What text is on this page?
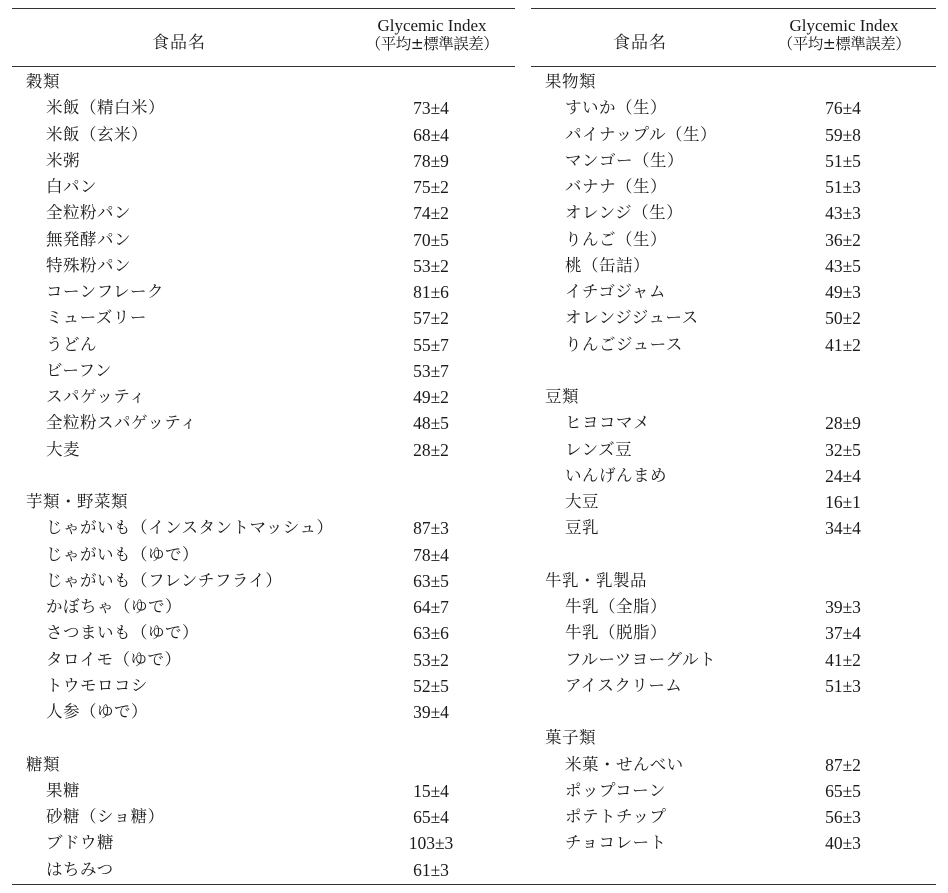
食品名
Glycemic Index
（平均±標準誤差）
穀類
米飯（精白米）	73±4
米飯（玄米）	68±4
米粥	78±9
白パン	75±2
全粒粉パン	74±2
無発酵パン	70±5
特殊粉パン	53±2
コーンフレーク	81±6
ミューズリー	57±2
うどん	55±7
ビーフン	53±7
スパゲッティ	49±2
全粒粉スパゲッティ	48±5
大麦	28±2
芋類・野菜類
じゃがいも（インスタントマッシュ）	87±3
じゃがいも（ゆで）	78±4
じゃがいも（フレンチフライ）	63±5
かぼちゃ（ゆで）	64±7
さつまいも（ゆで）	63±6
タロイモ（ゆで）	53±2
トウモロコシ	52±5
人参（ゆで）	39±4
糖類
果糖	15±4
砂糖（ショ糖）	65±4
ブドウ糖	103±3
はちみつ	61±3
食品名
Glycemic Index
（平均±標準誤差）
果物類
すいか（生）	76±4
パイナップル（生）	59±8
マンゴー（生）	51±5
バナナ（生）	51±3
オレンジ（生）	43±3
りんご（生）	36±2
桃（缶詰）	43±5
イチゴジャム	49±3
オレンジジュース	50±2
りんごジュース	41±2
豆類
ヒヨコマメ	28±9
レンズ豆	32±5
いんげんまめ	24±4
大豆	16±1
豆乳	34±4
牛乳・乳製品
牛乳（全脂）	39±3
牛乳（脱脂）	37±4
フルーツヨーグルト	41±2
アイスクリーム	51±3
菓子類
米菓・せんべい	87±2
ポップコーン	65±5
ポテトチップ	56±3
チョコレート	40±3
